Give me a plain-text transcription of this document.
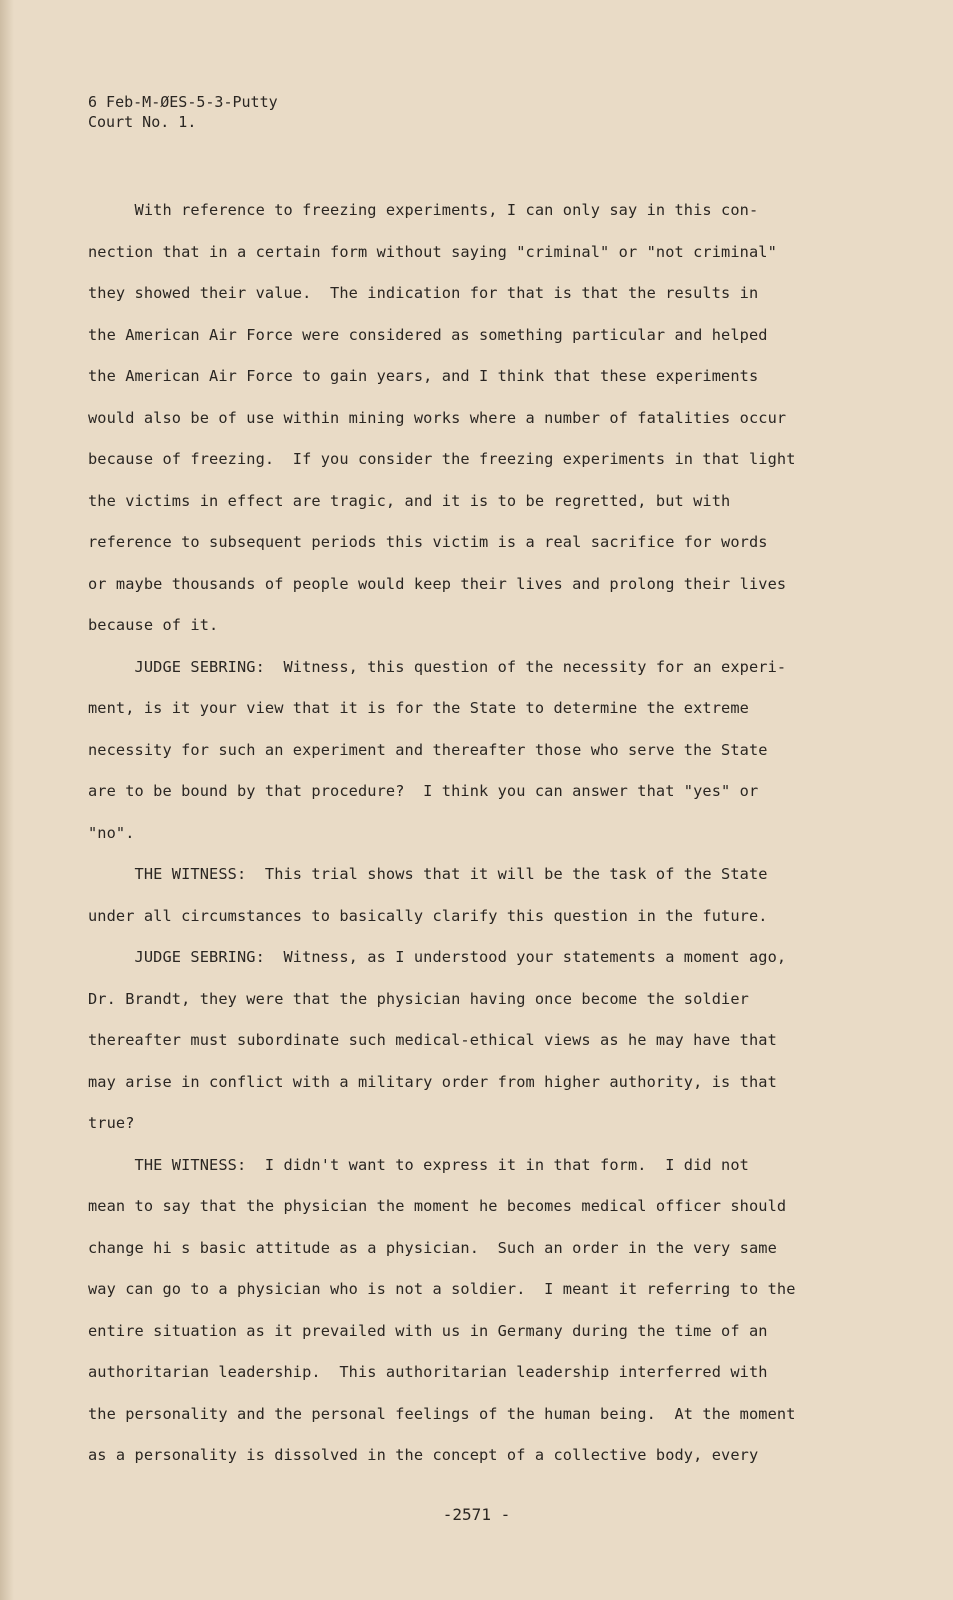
6 Feb-M-ØES-5-3-Putty
Court No. 1.
With reference to freezing experiments, I can only say in this con-
nection that in a certain form without saying "criminal" or "not criminal"
they showed their value.  The indication for that is that the results in
the American Air Force were considered as something particular and helped
the American Air Force to gain years, and I think that these experiments
would also be of use within mining works where a number of fatalities occur
because of freezing.  If you consider the freezing experiments in that light
the victims in effect are tragic, and it is to be regretted, but with
reference to subsequent periods this victim is a real sacrifice for words
or maybe thousands of people would keep their lives and prolong their lives
because of it.
JUDGE SEBRING:  Witness, this question of the necessity for an experi-
ment, is it your view that it is for the State to determine the extreme
necessity for such an experiment and thereafter those who serve the State
are to be bound by that procedure?  I think you can answer that "yes" or
"no".
THE WITNESS:  This trial shows that it will be the task of the State
under all circumstances to basically clarify this question in the future.
JUDGE SEBRING:  Witness, as I understood your statements a moment ago,
Dr. Brandt, they were that the physician having once become the soldier
thereafter must subordinate such medical-ethical views as he may have that
may arise in conflict with a military order from higher authority, is that
true?
THE WITNESS:  I didn't want to express it in that form.  I did not
mean to say that the physician the moment he becomes medical officer should
change hi s basic attitude as a physician.  Such an order in the very same
way can go to a physician who is not a soldier.  I meant it referring to the
entire situation as it prevailed with us in Germany during the time of an
authoritarian leadership.  This authoritarian leadership interferred with
the personality and the personal feelings of the human being.  At the moment
as a personality is dissolved in the concept of a collective body, every
-2571 -
